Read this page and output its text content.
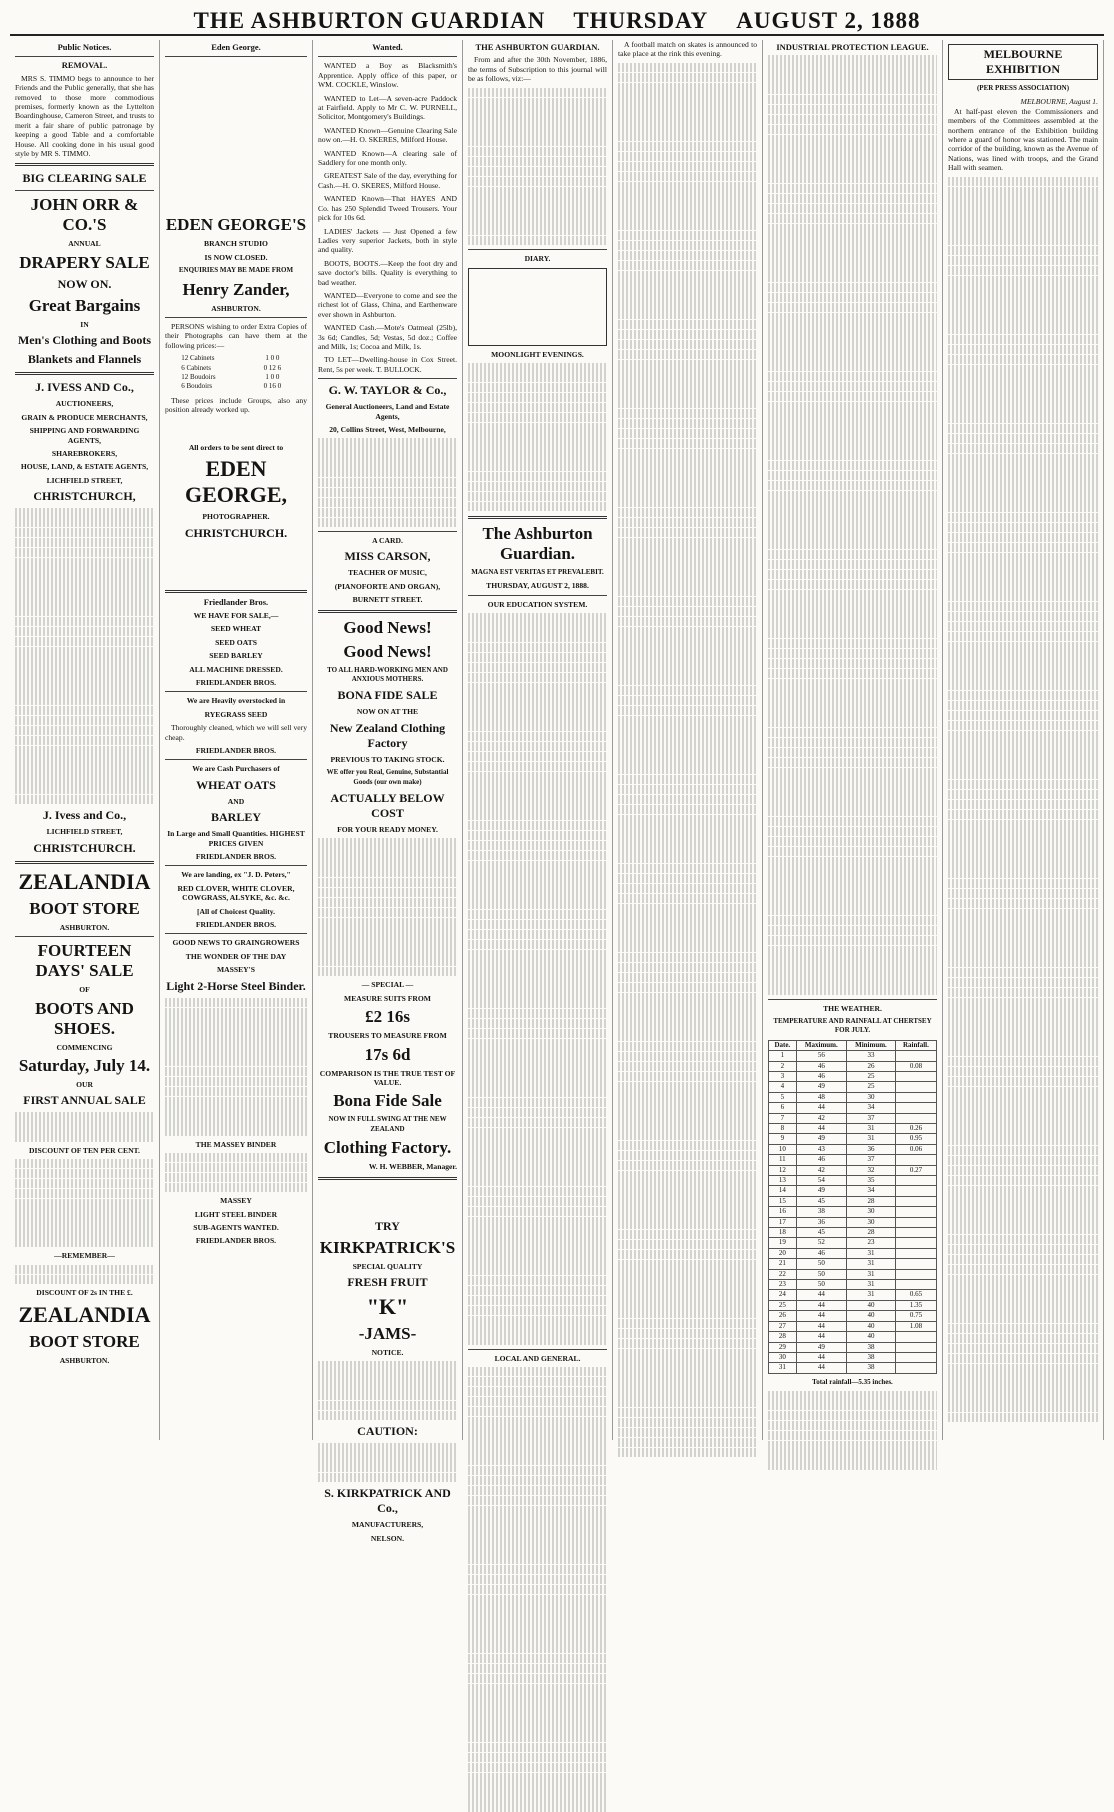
THE ASHBURTON GUARDIAN THURSDAY AUGUST 2, 1888
Public Notices.
REMOVAL.

MRS S. TIMMO begs to announce to her Friends and the Public generally, that she has removed to those more commodious premises, formerly known as the Lyttelton Boardinghouse, Cameron Street, and trusts to merit a fair share of public patronage by keeping a good Table and a comfortable House. All cooking done in his usual good style by MR S. TIMMO.

BIG CLEARING SALE
JOHN ORR & CO.'S
ANNUAL
DRAPERY SALE
NOW ON.
Great Bargains
IN
Men's Clothing and Boots
Blankets and Flannels
J. IVESS AND Co.,
AUCTIONEERS,
GRAIN & PRODUCE MERCHANTS,
SHIPPING AND FORWARDING AGENTS,
SHAREBROKERS,
HOUSE, LAND, & ESTATE AGENTS,
LICHFIELD STREET,
CHRISTCHURCH,
J. Ivess and Co.,
LICHFIELD STREET,
CHRISTCHURCH.
ZEALANDIA
BOOT STORE
ASHBURTON.
FOURTEEN DAYS' SALE
OF
BOOTS AND SHOES.
COMMENCING
Saturday, July 14.
OUR
FIRST ANNUAL SALE
DISCOUNT OF TEN PER CENT.
—REMEMBER—
DISCOUNT OF 2s IN THE £.
ZEALANDIA
BOOT STORE
ASHBURTON.
Eden George.
EDEN GEORGE'S
BRANCH STUDIO
IS NOW CLOSED.
ENQUIRIES MAY BE MADE FROM
Henry Zander,
ASHBURTON.

PERSONS wishing to order Extra Copies of their Photographs can have them at the following prices:—

12 Cabinets	1 0 0
6 Cabinets	0 12 6
12 Boudoirs	1 0 0
6 Boudoirs	0 16 0

These prices include Groups, also any position already worked up.

All orders to be sent direct to
EDEN GEORGE,
PHOTOGRAPHER.
CHRISTCHURCH.
Friedlander Bros.
WE HAVE FOR SALE,—
SEED WHEAT
SEED OATS
SEED BARLEY
ALL MACHINE DRESSED.
FRIEDLANDER BROS.
We are Heavily overstocked in
RYEGRASS SEED

Thoroughly cleaned, which we will sell very cheap.

FRIEDLANDER BROS.
We are Cash Purchasers of
WHEAT OATS
AND
BARLEY
In Large and Small Quantities. HIGHEST PRICES GIVEN
FRIEDLANDER BROS.
We are landing, ex "J. D. Peters,"
RED CLOVER, WHITE CLOVER, COWGRASS, ALSYKE, &c. &c.
[All of Choicest Quality.
FRIEDLANDER BROS.
GOOD NEWS TO GRAINGROWERS
THE WONDER OF THE DAY
MASSEY'S
Light 2-Horse Steel Binder.
THE MASSEY BINDER
MASSEY
LIGHT STEEL BINDER
SUB-AGENTS WANTED.
FRIEDLANDER BROS.
Wanted.

WANTED a Boy as Blacksmith's Apprentice. Apply office of this paper, or WM. COCKLE, Winslow.

WANTED to Let—A seven-acre Paddock at Fairfield. Apply to Mr C. W. PURNELL, Solicitor, Montgomery's Buildings.

WANTED Known—Genuine Clearing Sale now on.—H. O. SKERES, Milford House.

WANTED Known—A clearing sale of Saddlery for one month only.

GREATEST Sale of the day, everything for Cash.—H. O. SKERES, Milford House.

WANTED Known—That HAYES AND Co. has 250 Splendid Tweed Trousers. Your pick for 10s 6d.

LADIES' Jackets — Just Opened a few Ladies very superior Jackets, both in style and quality.

BOOTS, BOOTS.—Keep the foot dry and save doctor's bills. Quality is everything to bad weather.

WANTED—Everyone to come and see the richest lot of Glass, China, and Earthenware ever shown in Ashburton.

WANTED Cash.—Mote's Oatmeal (25lb), 3s 6d; Candles, 5d; Vestas, 5d doz.; Coffee and Milk, 1s; Cocoa and Milk, 1s.

TO LET—Dwelling-house in Cox Street. Rent, 5s per week. T. BULLOCK.

G. W. TAYLOR & Co.,
General Auctioneers, Land and Estate Agents,
20, Collins Street, West, Melbourne,
A CARD.
MISS CARSON,
TEACHER OF MUSIC,
(PIANOFORTE AND ORGAN),
BURNETT STREET.
Good News!
Good News!
TO ALL HARD-WORKING MEN AND ANXIOUS MOTHERS.
BONA FIDE SALE
NOW ON AT THE
New Zealand Clothing Factory
PREVIOUS TO TAKING STOCK.
WE offer you Real, Genuine, Substantial Goods (our own make)
ACTUALLY BELOW COST
FOR YOUR READY MONEY.
— SPECIAL —
MEASURE SUITS FROM
£2 16s
TROUSERS TO MEASURE FROM
17s 6d
COMPARISON IS THE TRUE TEST OF VALUE.
Bona Fide Sale
NOW IN FULL SWING AT THE NEW ZEALAND
Clothing Factory.
W. H. WEBBER, Manager.
TRY
KIRKPATRICK'S
SPECIAL QUALITY
FRESH FRUIT
"K"
-JAMS-
NOTICE.
CAUTION:
S. KIRKPATRICK AND Co.,
MANUFACTURERS,
NELSON.
THE ASHBURTON GUARDIAN.

From and after the 30th November, 1886, the terms of Subscription to this journal will be as follows, viz:—

DIARY.
MOONLIGHT EVENINGS.
The Ashburton Guardian.
MAGNA EST VERITAS ET PREVALEBIT.
THURSDAY, AUGUST 2, 1888.
OUR EDUCATION SYSTEM.
LOCAL AND GENERAL.

A football match on skates is announced to take place at the rink this evening.

INDUSTRIAL PROTECTION LEAGUE.
THE WEATHER.
TEMPERATURE AND RAINFALL AT CHERTSEY FOR JULY.
Date.	Maximum.	Minimum.	Rainfall.
1	56	33	
2	46	26	0.08
3	46	25	
4	49	25	
5	48	30	
6	44	34	
7	42	37	
8	44	31	0.26
9	49	31	0.95
10	43	36	0.06
11	46	37	
12	42	32	0.27
13	54	35	
14	49	34	
15	45	28	
16	38	30	
17	36	30	
18	45	28	
19	52	23	
20	46	31	
21	50	31	
22	50	31	
23	50	31	
24	44	31	0.65
25	44	40	1.35
26	44	40	0.75
27	44	40	1.08
28	44	40	
29	49	38	
30	44	38	
31	44	38	
Total rainfall—5.35 inches.
MELBOURNE EXHIBITION
(PER PRESS ASSOCIATION)
MELBOURNE, August 1.

At half-past eleven the Commissioners and members of the Committees assembled at the northern entrance of the Exhibition building where a guard of honor was stationed. The main corridor of the building, known as the Avenue of Nations, was lined with troops, and the Grand Hall with seamen.
